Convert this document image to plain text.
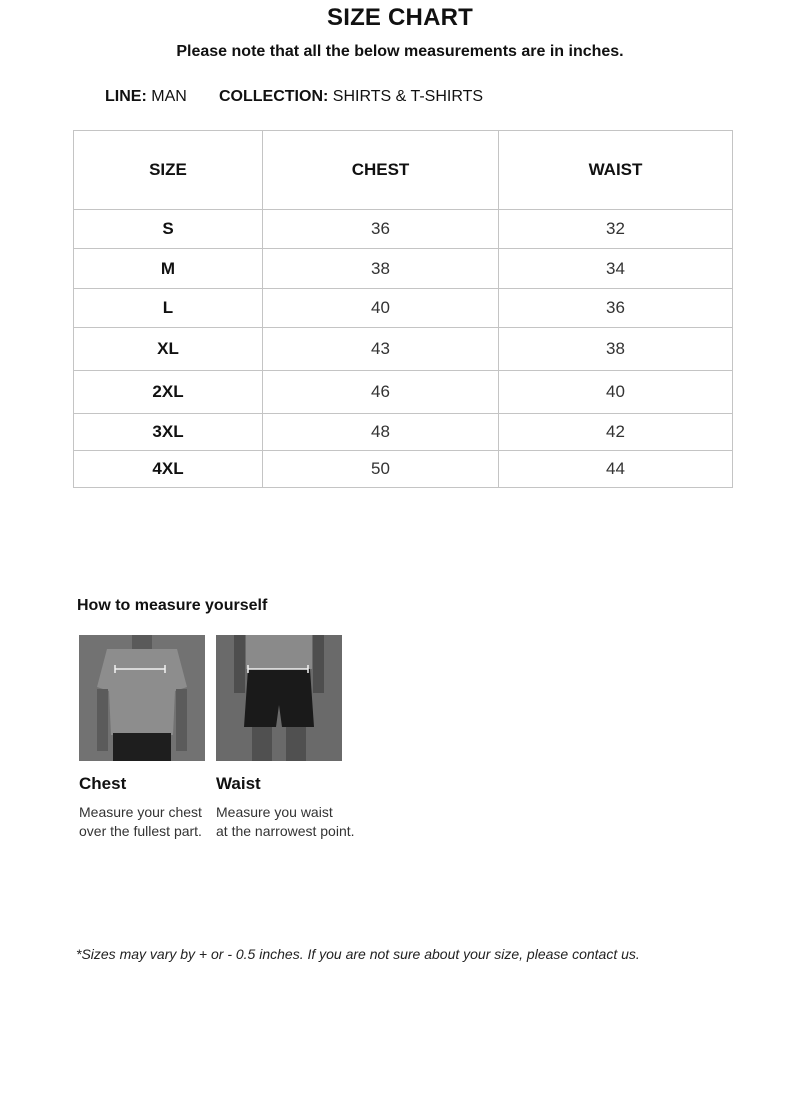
SIZE CHART
Please note that all the below measurements are in inches.
LINE: MAN COLLECTION: SHIRTS & T-SHIRTS
SIZE	CHEST	WAIST
S	36	32
M	38	34
L	40	36
XL	43	38
2XL	46	40
3XL	48	42
4XL	50	44
How to measure yourself
Chest
Measure your chest
over the fullest part.
Waist
Measure you waist
at the narrowest point.
*Sizes may vary by + or - 0.5 inches. If you are not sure about your size, please contact us.
